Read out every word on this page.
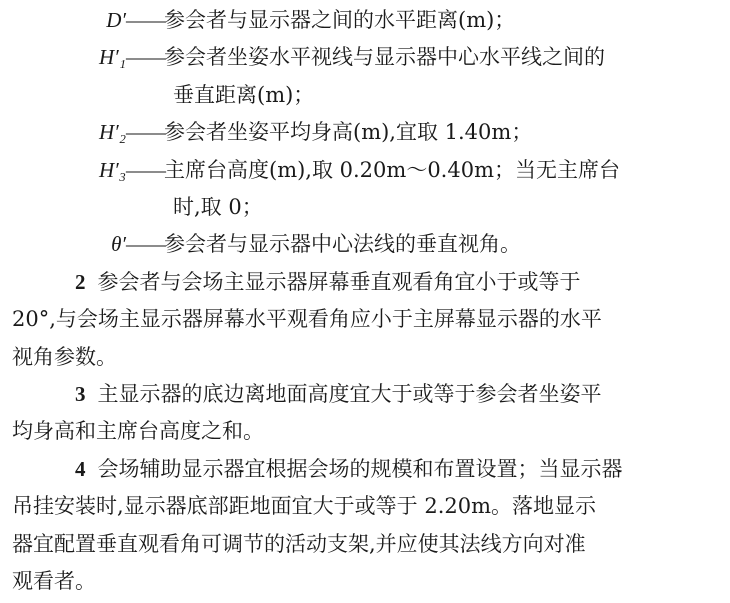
D′——参会者与显示器之间的水平距离(m)；
H′₁——参会者坐姿水平视线与显示器中心水平线之间的
垂直距离(m)；
H′₂——参会者坐姿平均身高(m),宜取 1.40m；
H′₃——主席台高度(m),取 0.20m～0.40m；当无主席台
时,取 0；
θ′——参会者与显示器中心法线的垂直视角。
2 参会者与会场主显示器屏幕垂直观看角宜小于或等于
20°,与会场主显示器屏幕水平观看角应小于主屏幕显示器的水平
视角参数。
3 主显示器的底边离地面高度宜大于或等于参会者坐姿平
均身高和主席台高度之和。
4 会场辅助显示器宜根据会场的规模和布置设置；当显示器
吊挂安装时,显示器底部距地面宜大于或等于 2.20m。落地显示
器宜配置垂直观看角可调节的活动支架,并应使其法线方向对准
观看者。
